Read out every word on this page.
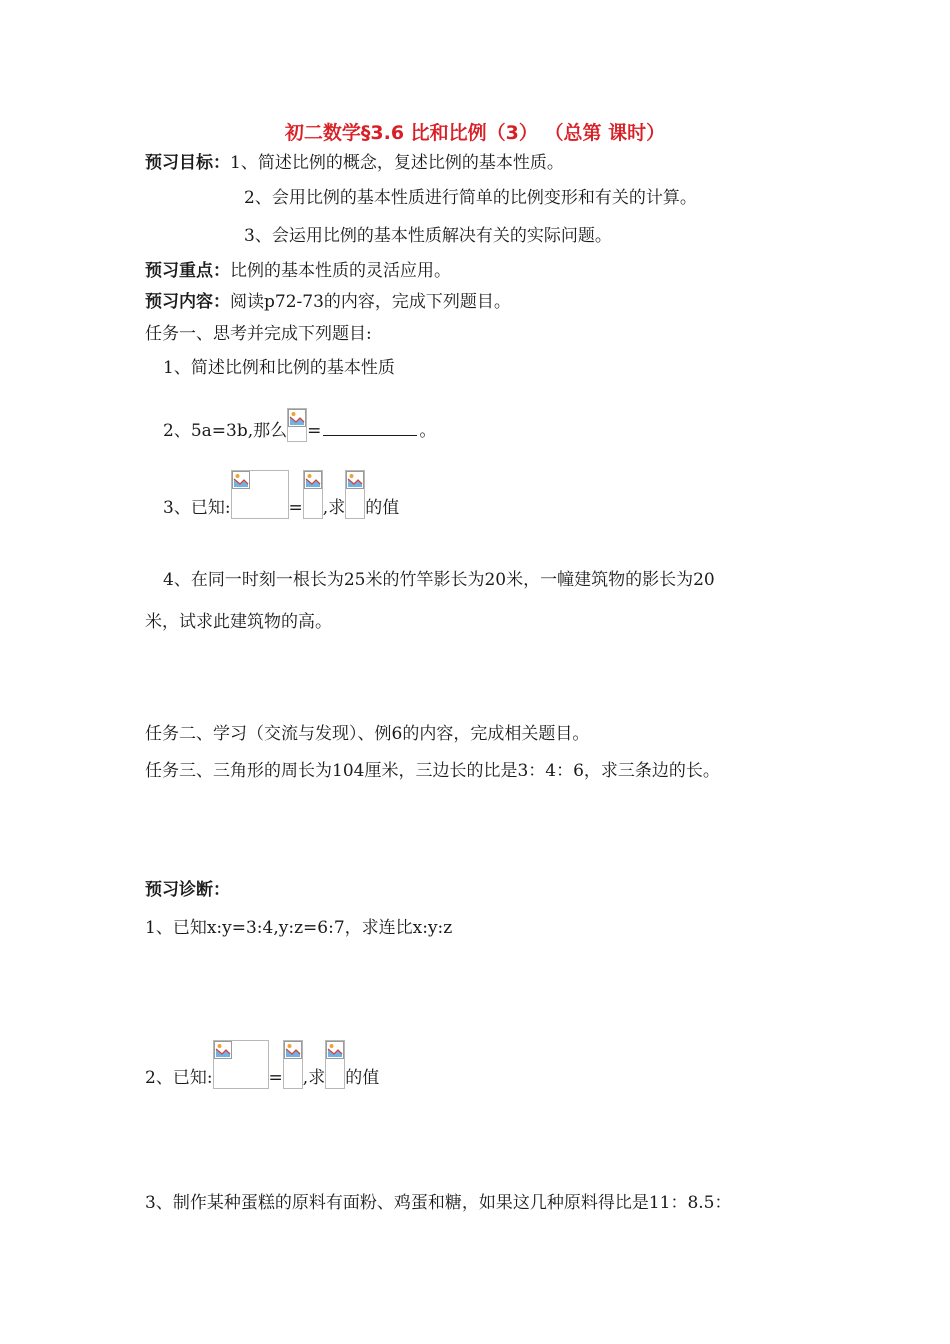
初二数学§3.6 比和比例（3） （总第 课时）
预习目标：1、简述比例的概念，复述比例的基本性质。
2、会用比例的基本性质进行简单的比例变形和有关的计算。
3、会运用比例的基本性质解决有关的实际问题。
预习重点：比例的基本性质的灵活应用。
预习内容：阅读p72-73的内容，完成下列题目。
任务一、思考并完成下列题目:
1、简述比例和比例的基本性质
2、5a=3b,那么 =	。
3、已知:	= ,求 的值
4、在同一时刻一根长为25米的竹竿影长为20米，一幢建筑物的影长为20
米，试求此建筑物的高。
任务二、学习（交流与发现）、例6的内容，完成相关题目。
任务三、三角形的周长为104厘米，三边长的比是3：4：6，求三条边的长。
预习诊断：
1、已知x:y=3:4,y:z=6:7，求连比x:y:z
2、已知:	= ,求 的值
3、制作某种蛋糕的原料有面粉、鸡蛋和糖，如果这几种原料得比是11：8.5：
